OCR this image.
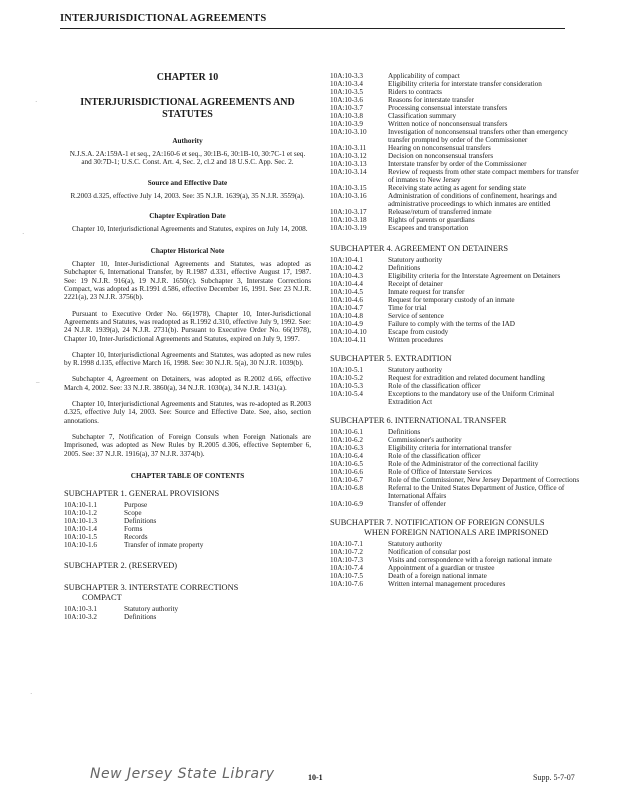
INTERJURISDICTIONAL AGREEMENTS
CHAPTER 10
INTERJURISDICTIONAL AGREEMENTS AND STATUTES
Authority
N.J.S.A. 2A:159A-1 et seq., 2A:160-6 et seq., 30:1B-6, 30:1B-10, 30:7C-1 et seq. and 30:7D-1; U.S.C. Const. Art. 4, Sec. 2, cl.2 and 18 U.S.C. App. Sec. 2.
Source and Effective Date
R.2003 d.325, effective July 14, 2003. See: 35 N.J.R. 1639(a), 35 N.J.R. 3559(a).
Chapter Expiration Date
Chapter 10, Interjurisdictional Agreements and Statutes, expires on July 14, 2008.
Chapter Historical Note
Chapter 10, Inter-Jurisdictional Agreements and Statutes, was adopted as Subchapter 6, International Transfer, by R.1987 d.331, effective August 17, 1987. See: 19 N.J.R. 916(a), 19 N.J.R. 1650(c). Subchapter 3, Interstate Corrections Compact, was adopted as R.1991 d.586, effective December 16, 1991. See: 23 N.J.R. 2221(a), 23 N.J.R. 3756(b).
Pursuant to Executive Order No. 66(1978), Chapter 10, Inter-Jurisdictional Agreements and Statutes, was readopted as R.1992 d.310, effective July 9, 1992. See: 24 N.J.R. 1939(a), 24 N.J.R. 2731(b). Pursuant to Executive Order No. 66(1978), Chapter 10, Inter-Jurisdictional Agreements and Statutes, expired on July 9, 1997.
Chapter 10, Interjurisdictional Agreements and Statutes, was adopted as new rules by R.1998 d.135, effective March 16, 1998. See: 30 N.J.R. 5(a), 30 N.J.R. 1039(b).
Subchapter 4, Agreement on Detainers, was adopted as R.2002 d.66, effective March 4, 2002. See: 33 N.J.R. 3860(a), 34 N.J.R. 1030(a), 34 N.J.R. 1431(a).
Chapter 10, Interjurisdictional Agreements and Statutes, was re-adopted as R.2003 d.325, effective July 14, 2003. See: Source and Effective Date. See, also, section annotations.
Subchapter 7, Notification of Foreign Consuls when Foreign Nationals are Imprisoned, was adopted as New Rules by R.2005 d.306, effective September 6, 2005. See: 37 N.J.R. 1916(a), 37 N.J.R. 3374(b).
CHAPTER TABLE OF CONTENTS
SUBCHAPTER 1. GENERAL PROVISIONS
10A:10-1.1	Purpose
10A:10-1.2	Scope
10A:10-1.3	Definitions
10A:10-1.4	Forms
10A:10-1.5	Records
10A:10-1.6	Transfer of inmate property
SUBCHAPTER 2. (RESERVED)
SUBCHAPTER 3. INTERSTATE CORRECTIONS
COMPACT
10A:10-3.1	Statutory authority
10A:10-3.2	Definitions
10A:10-3.3	Applicability of compact
10A:10-3.4	Eligibility criteria for interstate transfer consideration
10A:10-3.5	Riders to contracts
10A:10-3.6	Reasons for interstate transfer
10A:10-3.7	Processing consensual interstate transfers
10A:10-3.8	Classification summary
10A:10-3.9	Written notice of nonconsensual transfers
10A:10-3.10	Investigation of nonconsensual transfers other than emergency transfer prompted by order of the Commissioner
10A:10-3.11	Hearing on nonconsensual transfers
10A:10-3.12	Decision on nonconsensual transfers
10A:10-3.13	Interstate transfer by order of the Commissioner
10A:10-3.14	Review of requests from other state compact members for transfer of inmates to New Jersey
10A:10-3.15	Receiving state acting as agent for sending state
10A:10-3.16	Administration of conditions of confinement, hearings and administrative proceedings to which inmates are entitled
10A:10-3.17	Release/return of transferred inmate
10A:10-3.18	Rights of parents or guardians
10A:10-3.19	Escapees and transportation
SUBCHAPTER 4. AGREEMENT ON DETAINERS
10A:10-4.1	Statutory authority
10A:10-4.2	Definitions
10A:10-4.3	Eligibility criteria for the Interstate Agreement on Detainers
10A:10-4.4	Receipt of detainer
10A:10-4.5	Inmate request for transfer
10A:10-4.6	Request for temporary custody of an inmate
10A:10-4.7	Time for trial
10A:10-4.8	Service of sentence
10A:10-4.9	Failure to comply with the terms of the IAD
10A:10-4.10	Escape from custody
10A:10-4.11	Written procedures
SUBCHAPTER 5. EXTRADITION
10A:10-5.1	Statutory authority
10A:10-5.2	Request for extradition and related document handling
10A:10-5.3	Role of the classification officer
10A:10-5.4	Exceptions to the mandatory use of the Uniform Criminal Extradition Act
SUBCHAPTER 6. INTERNATIONAL TRANSFER
10A:10-6.1	Definitions
10A:10-6.2	Commissioner's authority
10A:10-6.3	Eligibility criteria for international transfer
10A:10-6.4	Role of the classification officer
10A:10-6.5	Role of the Administrator of the correctional facility
10A:10-6.6	Role of Office of Interstate Services
10A:10-6.7	Role of the Commissioner, New Jersey Department of Corrections
10A:10-6.8	Referral to the United States Department of Justice, Office of International Affairs
10A:10-6.9	Transfer of offender
SUBCHAPTER 7. NOTIFICATION OF FOREIGN CONSULS
WHEN FOREIGN NATIONALS ARE IMPRISONED
10A:10-7.1	Statutory authority
10A:10-7.2	Notification of consular post
10A:10-7.3	Visits and correspondence with a foreign national inmate
10A:10-7.4	Appointment of a guardian or trustee
10A:10-7.5	Death of a foreign national inmate
10A:10-7.6	Written internal management procedures
·
·
–
·
New Jersey State Library	10-1	Supp. 5-7-07
